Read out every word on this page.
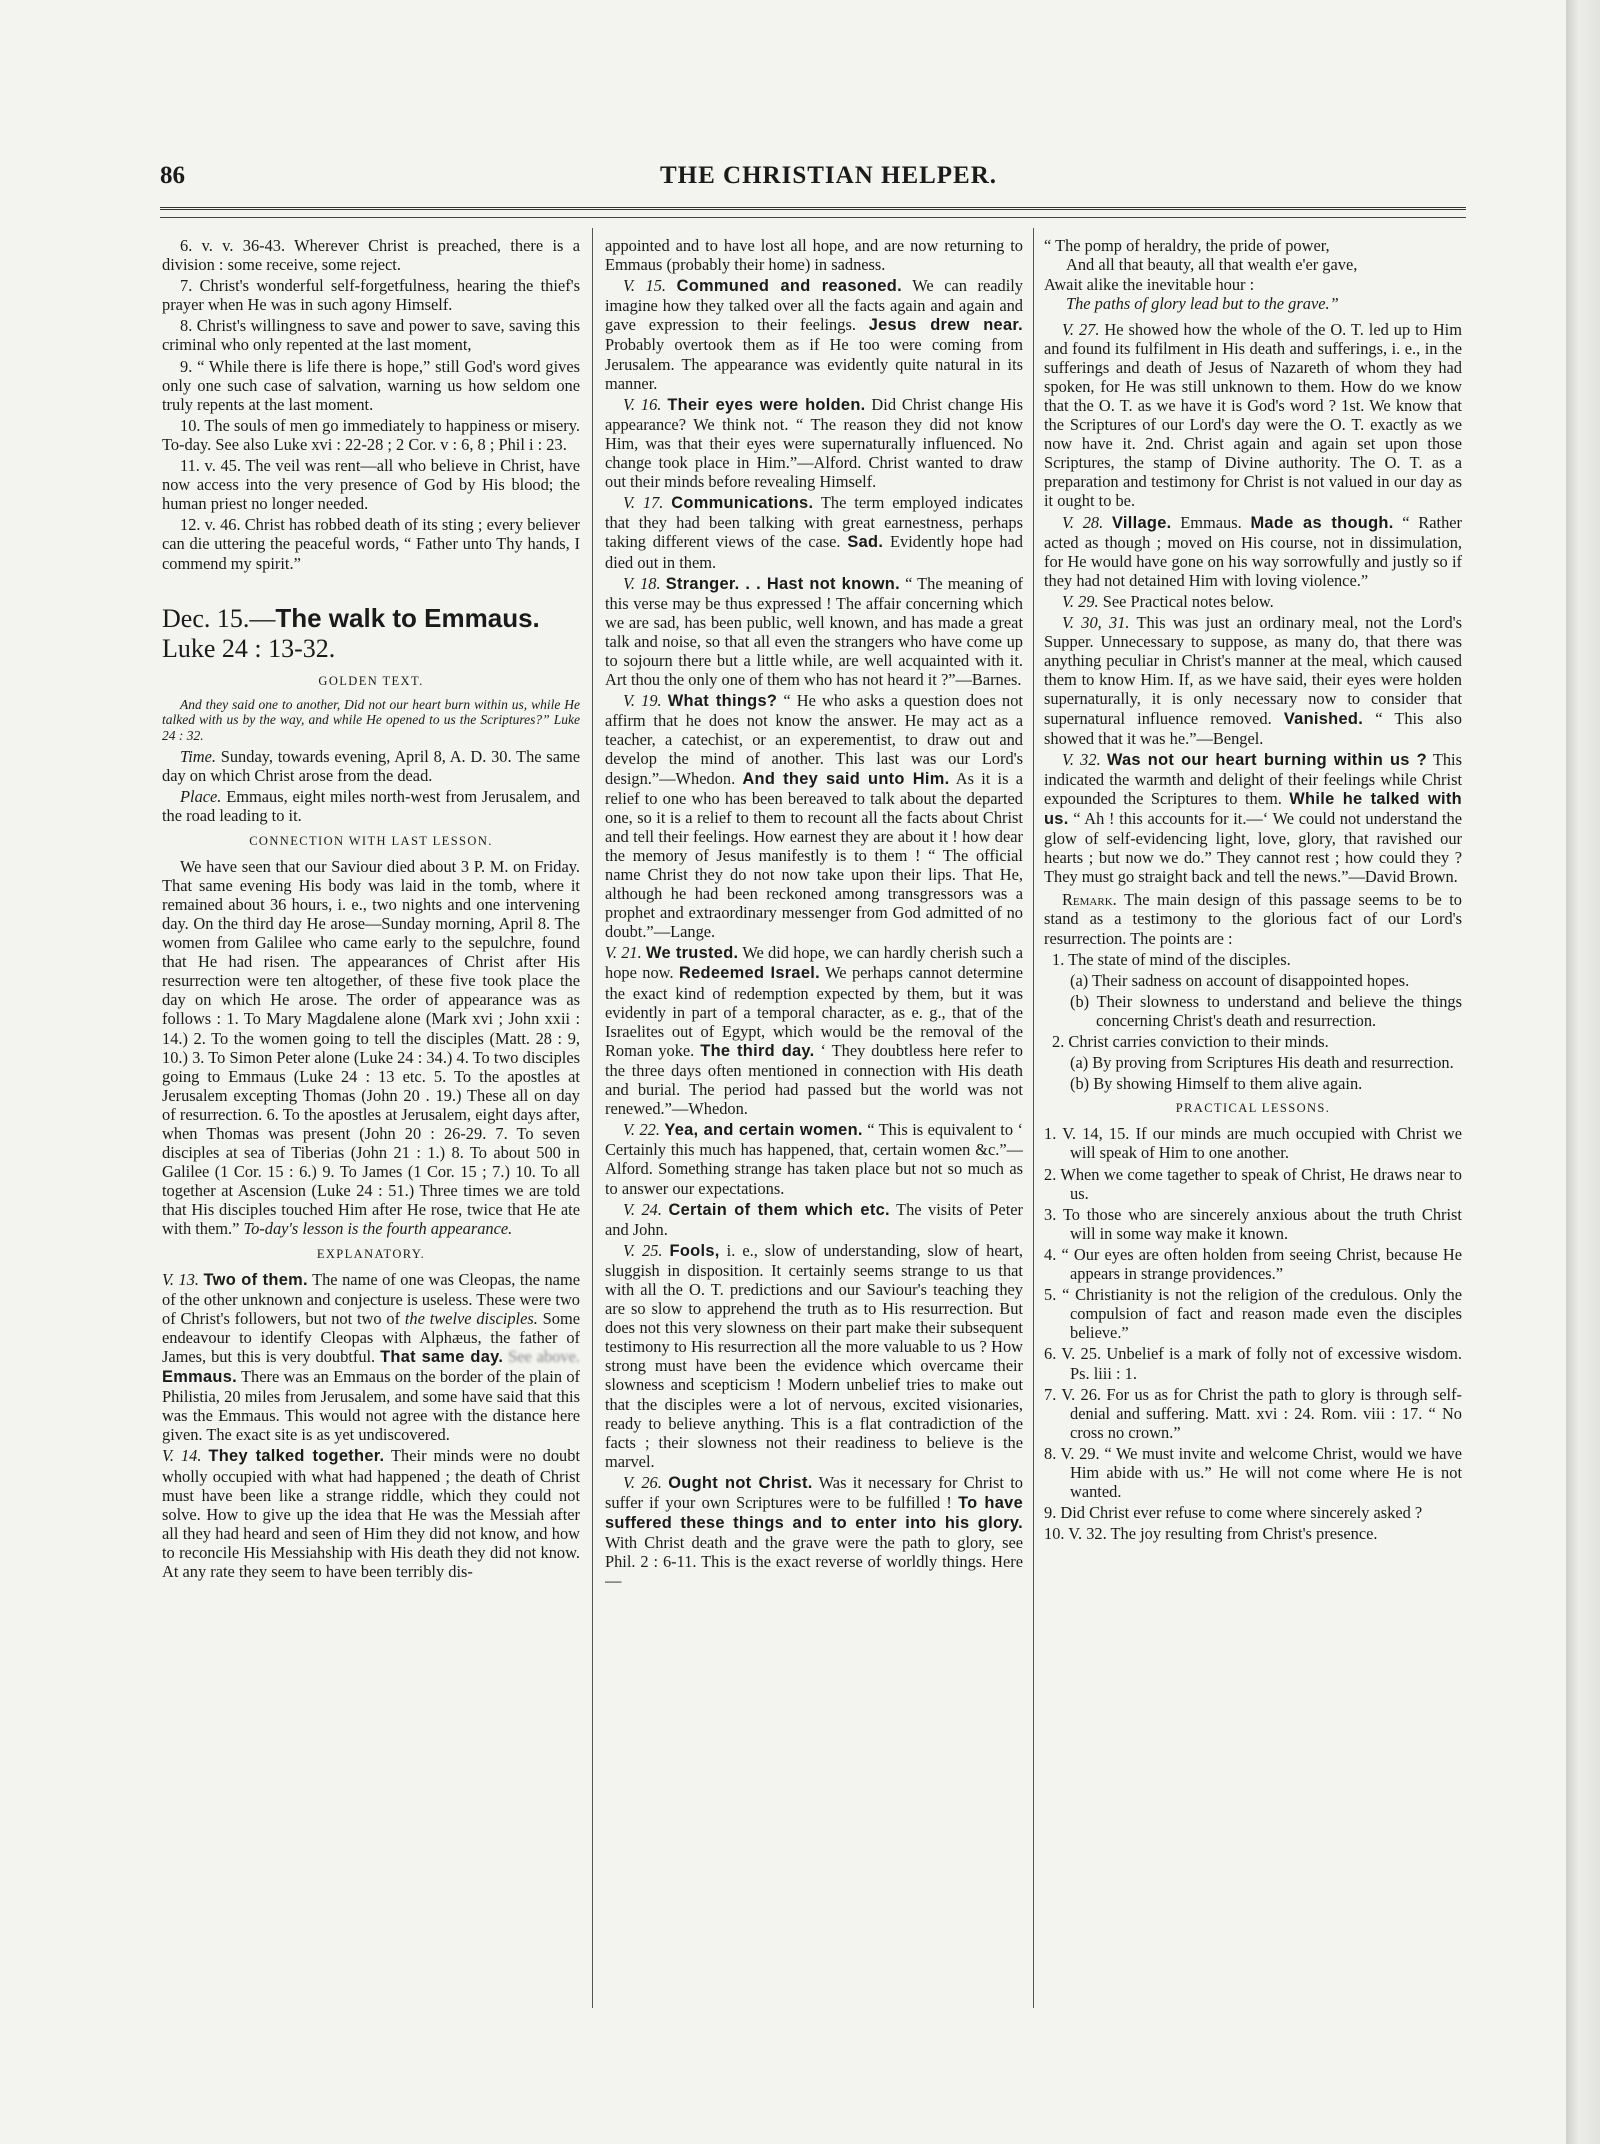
86	THE CHRISTIAN HELPER.

6. v. v. 36-43. Wherever Christ is preached, there is a division : some receive, some reject.

7. Christ's wonderful self-forgetfulness, hearing the thief's prayer when He was in such agony Himself.

8. Christ's willingness to save and power to save, saving this criminal who only repented at the last moment,

9. “ While there is life there is hope,” still God's word gives only one such case of salvation, warning us how seldom one truly repents at the last moment.

10. The souls of men go immediately to happiness or misery. To-day. See also Luke xvi : 22-28 ; 2 Cor. v : 6, 8 ; Phil i : 23.

11. v. 45. The veil was rent—all who believe in Christ, have now access into the very presence of God by His blood; the human priest no longer needed.

12. v. 46. Christ has robbed death of its sting ; every believer can die uttering the peaceful words, “ Father unto Thy hands, I commend my spirit.”

Dec. 15.—The walk to Emmaus. Luke 24 : 13-32.

GOLDEN TEXT.

And they said one to another, Did not our heart burn within us, while He talked with us by the way, and while He opened to us the Scriptures?” Luke 24 : 32.

Time. Sunday, towards evening, April 8, A. D. 30. The same day on which Christ arose from the dead.

Place. Emmaus, eight miles north-west from Jerusalem, and the road leading to it.

CONNECTION WITH LAST LESSON.

We have seen that our Saviour died about 3 P. M. on Friday. That same evening His body was laid in the tomb, where it remained about 36 hours, i. e., two nights and one intervening day. On the third day He arose—Sunday morning, April 8. The women from Galilee who came early to the sepulchre, found that He had risen. The appearances of Christ after His resurrection were ten altogether, of these five took place the day on which He arose. The order of appearance was as follows : 1. To Mary Magdalene alone (Mark xvi ; John xxii : 14.) 2. To the women going to tell the disciples (Matt. 28 : 9, 10.) 3. To Simon Peter alone (Luke 24 : 34.) 4. To two disciples going to Emmaus (Luke 24 : 13 etc. 5. To the apostles at Jerusalem excepting Thomas (John 20 . 19.) These all on day of resurrection. 6. To the apostles at Jerusalem, eight days after, when Thomas was present (John 20 : 26-29. 7. To seven disciples at sea of Tiberias (John 21 : 1.) 8. To about 500 in Galilee (1 Cor. 15 : 6.) 9. To James (1 Cor. 15 ; 7.) 10. To all together at Ascension (Luke 24 : 51.) Three times we are told that His disciples touched Him after He rose, twice that He ate with them.” To-day's lesson is the fourth appearance.

EXPLANATORY.

V. 13. Two of them. The name of one was Cleopas, the name of the other unknown and conjecture is useless. These were two of Christ's followers, but not two of the twelve disciples. Some endeavour to identify Cleopas with Alphæus, the father of James, but this is very doubtful. That same day. See above. Emmaus. There was an Emmaus on the border of the plain of Philistia, 20 miles from Jerusalem, and some have said that this was the Emmaus. This would not agree with the distance here given. The exact site is as yet undiscovered.

V. 14. They talked together. Their minds were no doubt wholly occupied with what had happened ; the death of Christ must have been like a strange riddle, which they could not solve. How to give up the idea that He was the Messiah after all they had heard and seen of Him they did not know, and how to reconcile His Messiahship with His death they did not know. At any rate they seem to have been terribly dis-

appointed and to have lost all hope, and are now returning to Emmaus (probably their home) in sadness.

V. 15. Communed and reasoned. We can readily imagine how they talked over all the facts again and again and gave expression to their feelings. Jesus drew near. Probably overtook them as if He too were coming from Jerusalem. The appearance was evidently quite natural in its manner.

V. 16. Their eyes were holden. Did Christ change His appearance? We think not. “ The reason they did not know Him, was that their eyes were supernaturally influenced. No change took place in Him.”—Alford. Christ wanted to draw out their minds before revealing Himself.

V. 17. Communications. The term employed indicates that they had been talking with great earnestness, perhaps taking different views of the case. Sad. Evidently hope had died out in them.

V. 18. Stranger. . . Hast not known. “ The meaning of this verse may be thus expressed ! The affair concerning which we are sad, has been public, well known, and has made a great talk and noise, so that all even the strangers who have come up to sojourn there but a little while, are well acquainted with it. Art thou the only one of them who has not heard it ?”—Barnes.

V. 19. What things? “ He who asks a question does not affirm that he does not know the answer. He may act as a teacher, a catechist, or an experementist, to draw out and develop the mind of another. This last was our Lord's design.”—Whedon. And they said unto Him. As it is a relief to one who has been bereaved to talk about the departed one, so it is a relief to them to recount all the facts about Christ and tell their feelings. How earnest they are about it ! how dear the memory of Jesus manifestly is to them ! “ The official name Christ they do not now take upon their lips. That He, although he had been reckoned among transgressors was a prophet and extraordinary messenger from God admitted of no doubt.”—Lange.

V. 21. We trusted. We did hope, we can hardly cherish such a hope now. Redeemed Israel. We perhaps cannot determine the exact kind of redemption expected by them, but it was evidently in part of a temporal character, as e. g., that of the Israelites out of Egypt, which would be the removal of the Roman yoke. The third day. ‘ They doubtless here refer to the three days often mentioned in connection with His death and burial. The period had passed but the world was not renewed.”—Whedon.

V. 22. Yea, and certain women. “ This is equivalent to ‘ Certainly this much has happened, that, certain women &c.”—Alford. Something strange has taken place but not so much as to answer our expectations.

V. 24. Certain of them which etc. The visits of Peter and John.

V. 25. Fools, i. e., slow of understanding, slow of heart, sluggish in disposition. It certainly seems strange to us that with all the O. T. predictions and our Saviour's teaching they are so slow to apprehend the truth as to His resurrection. But does not this very slowness on their part make their subsequent testimony to His resurrection all the more valuable to us ? How strong must have been the evidence which overcame their slowness and scepticism ! Modern unbelief tries to make out that the disciples were a lot of nervous, excited visionaries, ready to believe anything. This is a flat contradiction of the facts ; their slowness not their readiness to believe is the marvel.

V. 26. Ought not Christ. Was it necessary for Christ to suffer if your own Scriptures were to be fulfilled ! To have suffered these things and to enter into his glory. With Christ death and the grave were the path to glory, see Phil. 2 : 6-11. This is the exact reverse of worldly things. Here—

“ The pomp of heraldry, the pride of power,
And all that beauty, all that wealth e'er gave,
Await alike the inevitable hour :
The paths of glory lead but to the grave.”

V. 27. He showed how the whole of the O. T. led up to Him and found its fulfilment in His death and sufferings, i. e., in the sufferings and death of Jesus of Nazareth of whom they had spoken, for He was still unknown to them. How do we know that the O. T. as we have it is God's word ? 1st. We know that the Scriptures of our Lord's day were the O. T. exactly as we now have it. 2nd. Christ again and again set upon those Scriptures, the stamp of Divine authority. The O. T. as a preparation and testimony for Christ is not valued in our day as it ought to be.

V. 28. Village. Emmaus. Made as though. “ Rather acted as though ; moved on His course, not in dissimulation, for He would have gone on his way sorrowfully and justly so if they had not detained Him with loving violence.”

V. 29. See Practical notes below.

V. 30, 31. This was just an ordinary meal, not the Lord's Supper. Unnecessary to suppose, as many do, that there was anything peculiar in Christ's manner at the meal, which caused them to know Him. If, as we have said, their eyes were holden supernaturally, it is only necessary now to consider that supernatural influence removed. Vanished. “ This also showed that it was he.”—Bengel.

V. 32. Was not our heart burning within us ? This indicated the warmth and delight of their feelings while Christ expounded the Scriptures to them. While he talked with us. “ Ah ! this accounts for it.—‘ We could not understand the glow of self-evidencing light, love, glory, that ravished our hearts ; but now we do.” They cannot rest ; how could they ? They must go straight back and tell the news.”—David Brown.

Remark. The main design of this passage seems to be to stand as a testimony to the glorious fact of our Lord's resurrection. The points are :

1. The state of mind of the disciples.

(a) Their sadness on account of disappointed hopes.

(b) Their slowness to understand and believe the things concerning Christ's death and resurrection.

2. Christ carries conviction to their minds.

(a) By proving from Scriptures His death and resurrection.

(b) By showing Himself to them alive again.

PRACTICAL LESSONS.

1. V. 14, 15. If our minds are much occupied with Christ we will speak of Him to one another.

2. When we come tagether to speak of Christ, He draws near to us.

3. To those who are sincerely anxious about the truth Christ will in some way make it known.

4. “ Our eyes are often holden from seeing Christ, because He appears in strange providences.”

5. “ Christianity is not the religion of the credulous. Only the compulsion of fact and reason made even the disciples believe.”

6. V. 25. Unbelief is a mark of folly not of excessive wisdom. Ps. liii : 1.

7. V. 26. For us as for Christ the path to glory is through self-denial and suffering. Matt. xvi : 24. Rom. viii : 17. “ No cross no crown.”

8. V. 29. “ We must invite and welcome Christ, would we have Him abide with us.” He will not come where He is not wanted.

9. Did Christ ever refuse to come where sincerely asked ?

10. V. 32. The joy resulting from Christ's presence.
